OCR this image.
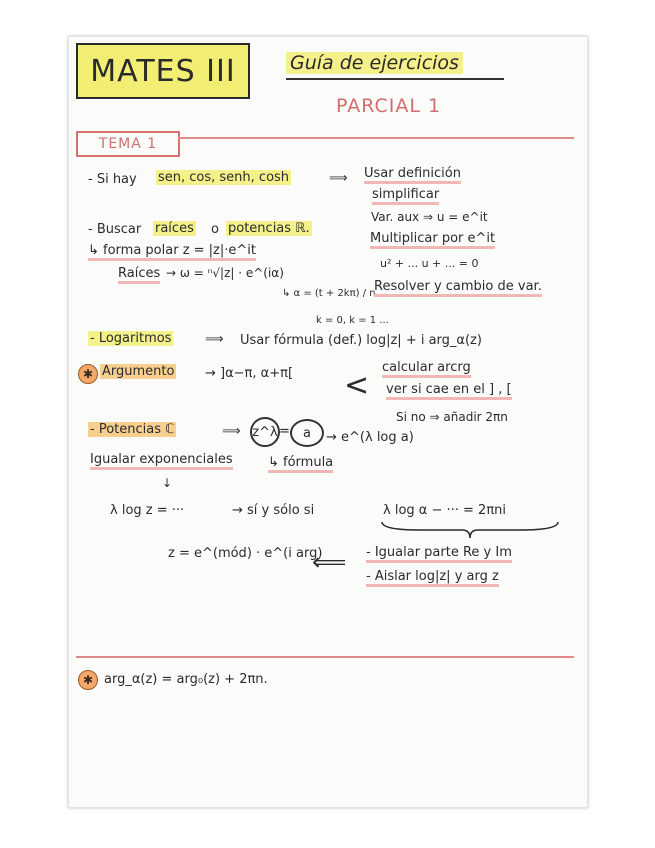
MATES III	Guía de ejercicios
PARCIAL 1
TEMA 1
- Si hay sen, cos, senh, cosh	⟹ Usar definición
simplificar
Var. aux ⇒ u = e^it
- Buscar raíces o potencias ℝ.
Multiplicar por e^it
↳ forma polar z = |z|·e^it
u² + ... u + ... = 0
Raíces → ω = ⁿ√|z| · e^(iα)
↳ α = (t + 2kπ) / n
k = 0, k = 1 ...
Resolver y cambio de var.
- Logaritmos	⟹ Usar fórmula (def.) log|z| + i arg_α(z)
✱ Argumento → ]α−π, α+π[ <
calcular arcrg
ver si cae en el ] , [
Si no ⇒ añadir 2πn
- Potencias ℂ	⟹ z^λ =	a	→ e^(λ log a)
Igualar exponenciales	↳ fórmula
↓
λ log z = ···	→ sí y sólo si	λ log α − ··· = 2πni
z = e^(mód) · e^(i arg)
⟸ - Igualar parte Re y Im
- Aislar log|z| y arg z
✱ arg_α(z) = arg₀(z) + 2πn.
